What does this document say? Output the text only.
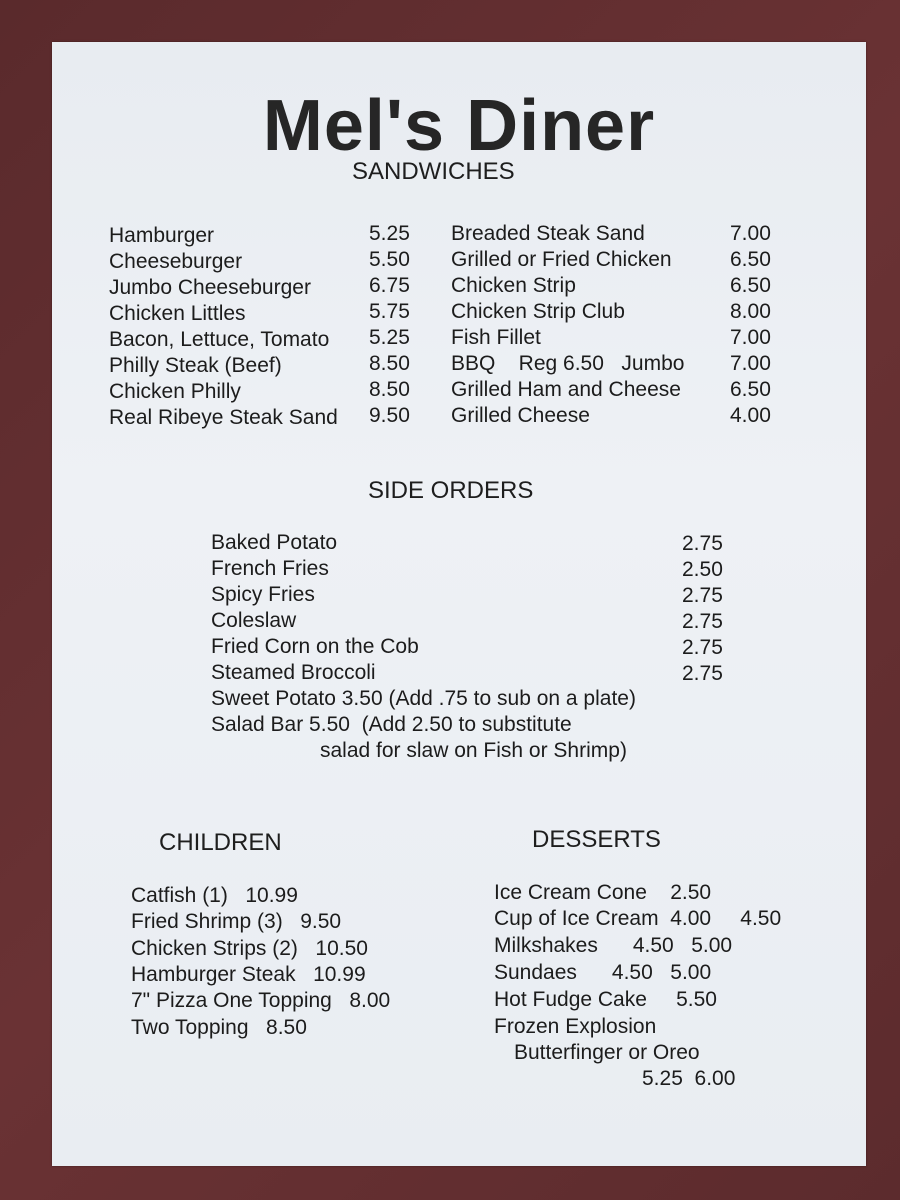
Mel's Diner
SANDWICHES
Hamburger	5.25
Cheeseburger	5.50
Jumbo Cheeseburger	6.75
Chicken Littles	5.75
Bacon, Lettuce, Tomato 5.25
Philly Steak (Beef)	8.50
Chicken Philly	8.50
Real Ribeye Steak Sand 9.50
Breaded Steak Sand	7.00
Grilled or Fried Chicken	6.50
Chicken Strip	6.50
Chicken Strip Club	8.00
Fish Fillet	7.00
BBQ    Reg 6.50   Jumbo 7.00
Grilled Ham and Cheese 6.50
Grilled Cheese	4.00
SIDE ORDERS
Baked Potato	2.75
French Fries	2.50
Spicy Fries	2.75
Coleslaw	2.75
Fried Corn on the Cob	2.75
Steamed Broccoli	2.75
Sweet Potato 3.50 (Add .75 to sub on a plate)
Salad Bar 5.50  (Add 2.50 to substitute
salad for slaw on Fish or Shrimp)
CHILDREN
Catfish (1)   10.99
Fried Shrimp (3)   9.50
Chicken Strips (2)   10.50
Hamburger Steak   10.99
7" Pizza One Topping   8.00
Two Topping   8.50
DESSERTS
Ice Cream Cone    2.50
Cup of Ice Cream  4.00     4.50
Milkshakes      4.50   5.00
Sundaes      4.50   5.00
Hot Fudge Cake     5.50
Frozen Explosion
Butterfinger or Oreo
5.25  6.00
